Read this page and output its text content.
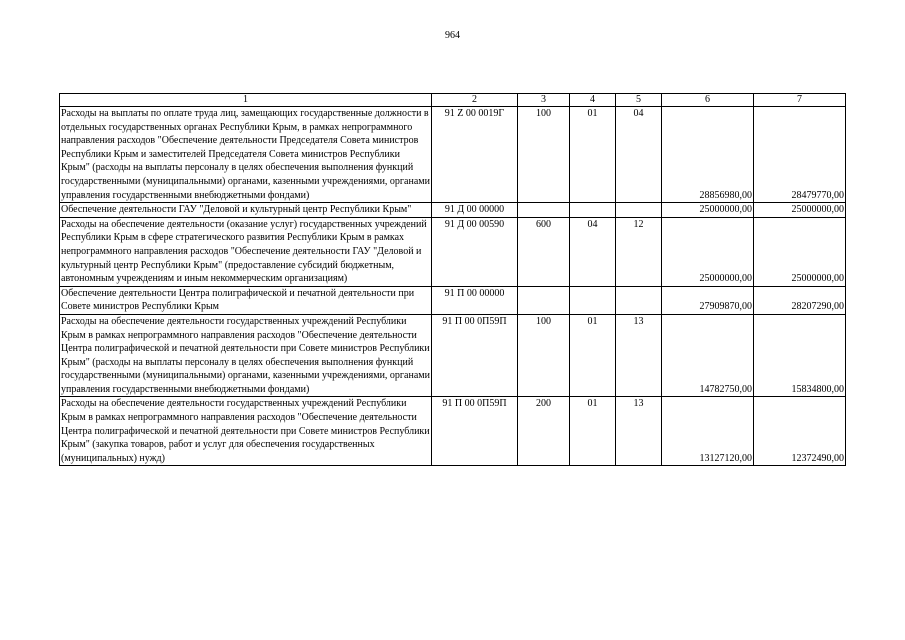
964
1	2	3	4	5	6	7
Расходы на выплаты по оплате труда лиц, замещающих государственные должности в отдельных государственных органах Республики Крым, в рамках непрограммного направления расходов "Обеспечение деятельности Председателя Совета министров Республики Крым и заместителей Председателя Совета министров Республики Крым" (расходы на выплаты персоналу в целях обеспечения выполнения функций государственными (муниципальными) органами, казенными учреждениями, органами управления государственными внебюджетными фондами)	91 Z 00 0019Г	100	01	04	28856980,00	28479770,00
Обеспечение деятельности ГАУ "Деловой и культурный центр Республики Крым"	91 Д 00 00000				25000000,00	25000000,00
Расходы на обеспечение деятельности (оказание услуг) государственных учреждений Республики Крым в сфере стратегического развития Республики Крым в рамках непрограммного направления расходов "Обеспечение деятельности ГАУ "Деловой и культурный центр Республики Крым" (предоставление субсидий бюджетным, автономным учреждениям и иным некоммерческим организациям)	91 Д 00 00590	600	04	12	25000000,00	25000000,00
Обеспечение деятельности Центра полиграфической и печатной деятельности при Совете министров Республики Крым	91 П 00 00000				27909870,00	28207290,00
Расходы на обеспечение деятельности государственных учреждений Республики Крым в рамках непрограммного направления расходов "Обеспечение деятельности Центра полиграфической и печатной деятельности при Совете министров Республики Крым" (расходы на выплаты персоналу в целях обеспечения выполнения функций государственными (муниципальными) органами, казенными учреждениями, органами управления государственными внебюджетными фондами)	91 П 00 0П59П	100	01	13	14782750,00	15834800,00
Расходы на обеспечение деятельности государственных учреждений Республики Крым в рамках непрограммного направления расходов "Обеспечение деятельности Центра полиграфической и печатной деятельности при Совете министров Республики Крым" (закупка товаров, работ и услуг для обеспечения государственных (муниципальных) нужд)	91 П 00 0П59П	200	01	13	13127120,00	12372490,00
